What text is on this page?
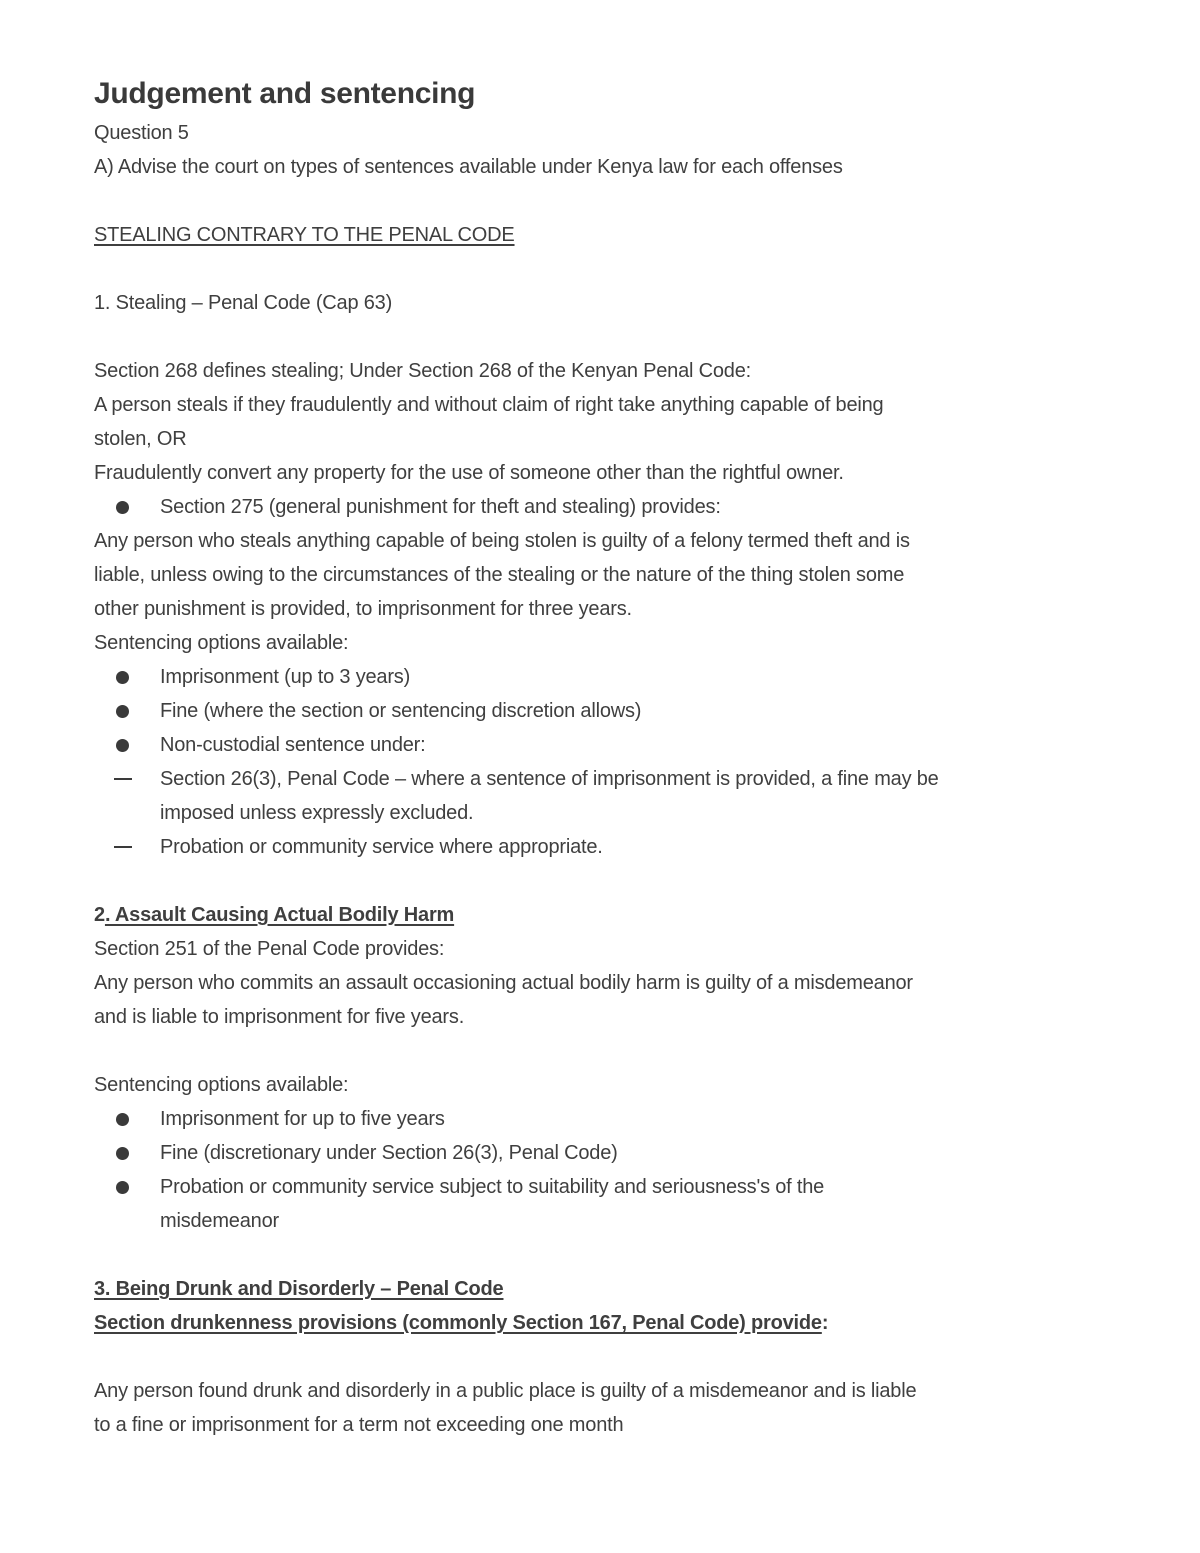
Judgement and sentencing

Question 5

A) Advise the court on types of sentences available under Kenya law for each offenses

STEALING CONTRARY TO THE PENAL CODE

1. Stealing – Penal Code (Cap 63)

Section 268 defines stealing; Under Section 268 of the Kenyan Penal Code:

A person steals if they fraudulently and without claim of right take anything capable of being

stolen, OR

Fraudulently convert any property for the use of someone other than the rightful owner.

Section 275 (general punishment for theft and stealing) provides:

Any person who steals anything capable of being stolen is guilty of a felony termed theft and is

liable, unless owing to the circumstances of the stealing or the nature of the thing stolen some

other punishment is provided, to imprisonment for three years.

Sentencing options available:

Imprisonment (up to 3 years)
Fine (where the section or sentencing discretion allows)
Non-custodial sentence under:
Section 26(3), Penal Code – where a sentence of imprisonment is provided, a fine may be
imposed unless expressly excluded.
Probation or community service where appropriate.

2. Assault Causing Actual Bodily Harm

Section 251 of the Penal Code provides:

Any person who commits an assault occasioning actual bodily harm is guilty of a misdemeanor

and is liable to imprisonment for five years.

Sentencing options available:

Imprisonment for up to five years
Fine (discretionary under Section 26(3), Penal Code)
Probation or community service subject to suitability and seriousness's of the
misdemeanor

3. Being Drunk and Disorderly – Penal Code

Section drunkenness provisions (commonly Section 167, Penal Code) provide:

Any person found drunk and disorderly in a public place is guilty of a misdemeanor and is liable

to a fine or imprisonment for a term not exceeding one month
